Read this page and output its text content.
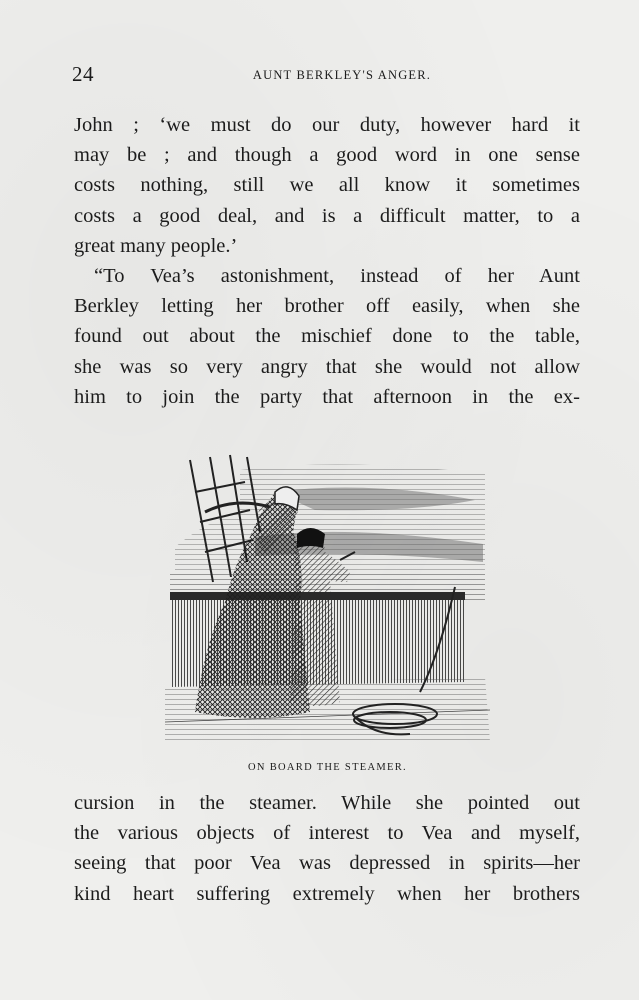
24	AUNT BERKLEY'S ANGER.
John ; ‘we must do our duty, however hard it
may be ; and though a good word in one sense
costs nothing, still we all know it sometimes
costs a good deal, and is a difficult matter, to a
great many people.’
“To Vea’s astonishment, instead of her Aunt
Berkley letting her brother off easily, when she
found out about the mischief done to the table,
she was so very angry that she would not allow
him to join the party that afternoon in the ex-
ON BOARD THE STEAMER.
cursion in the steamer. While she pointed out
the various objects of interest to Vea and myself,
seeing that poor Vea was depressed in spirits—her
kind heart suffering extremely when her brothers
